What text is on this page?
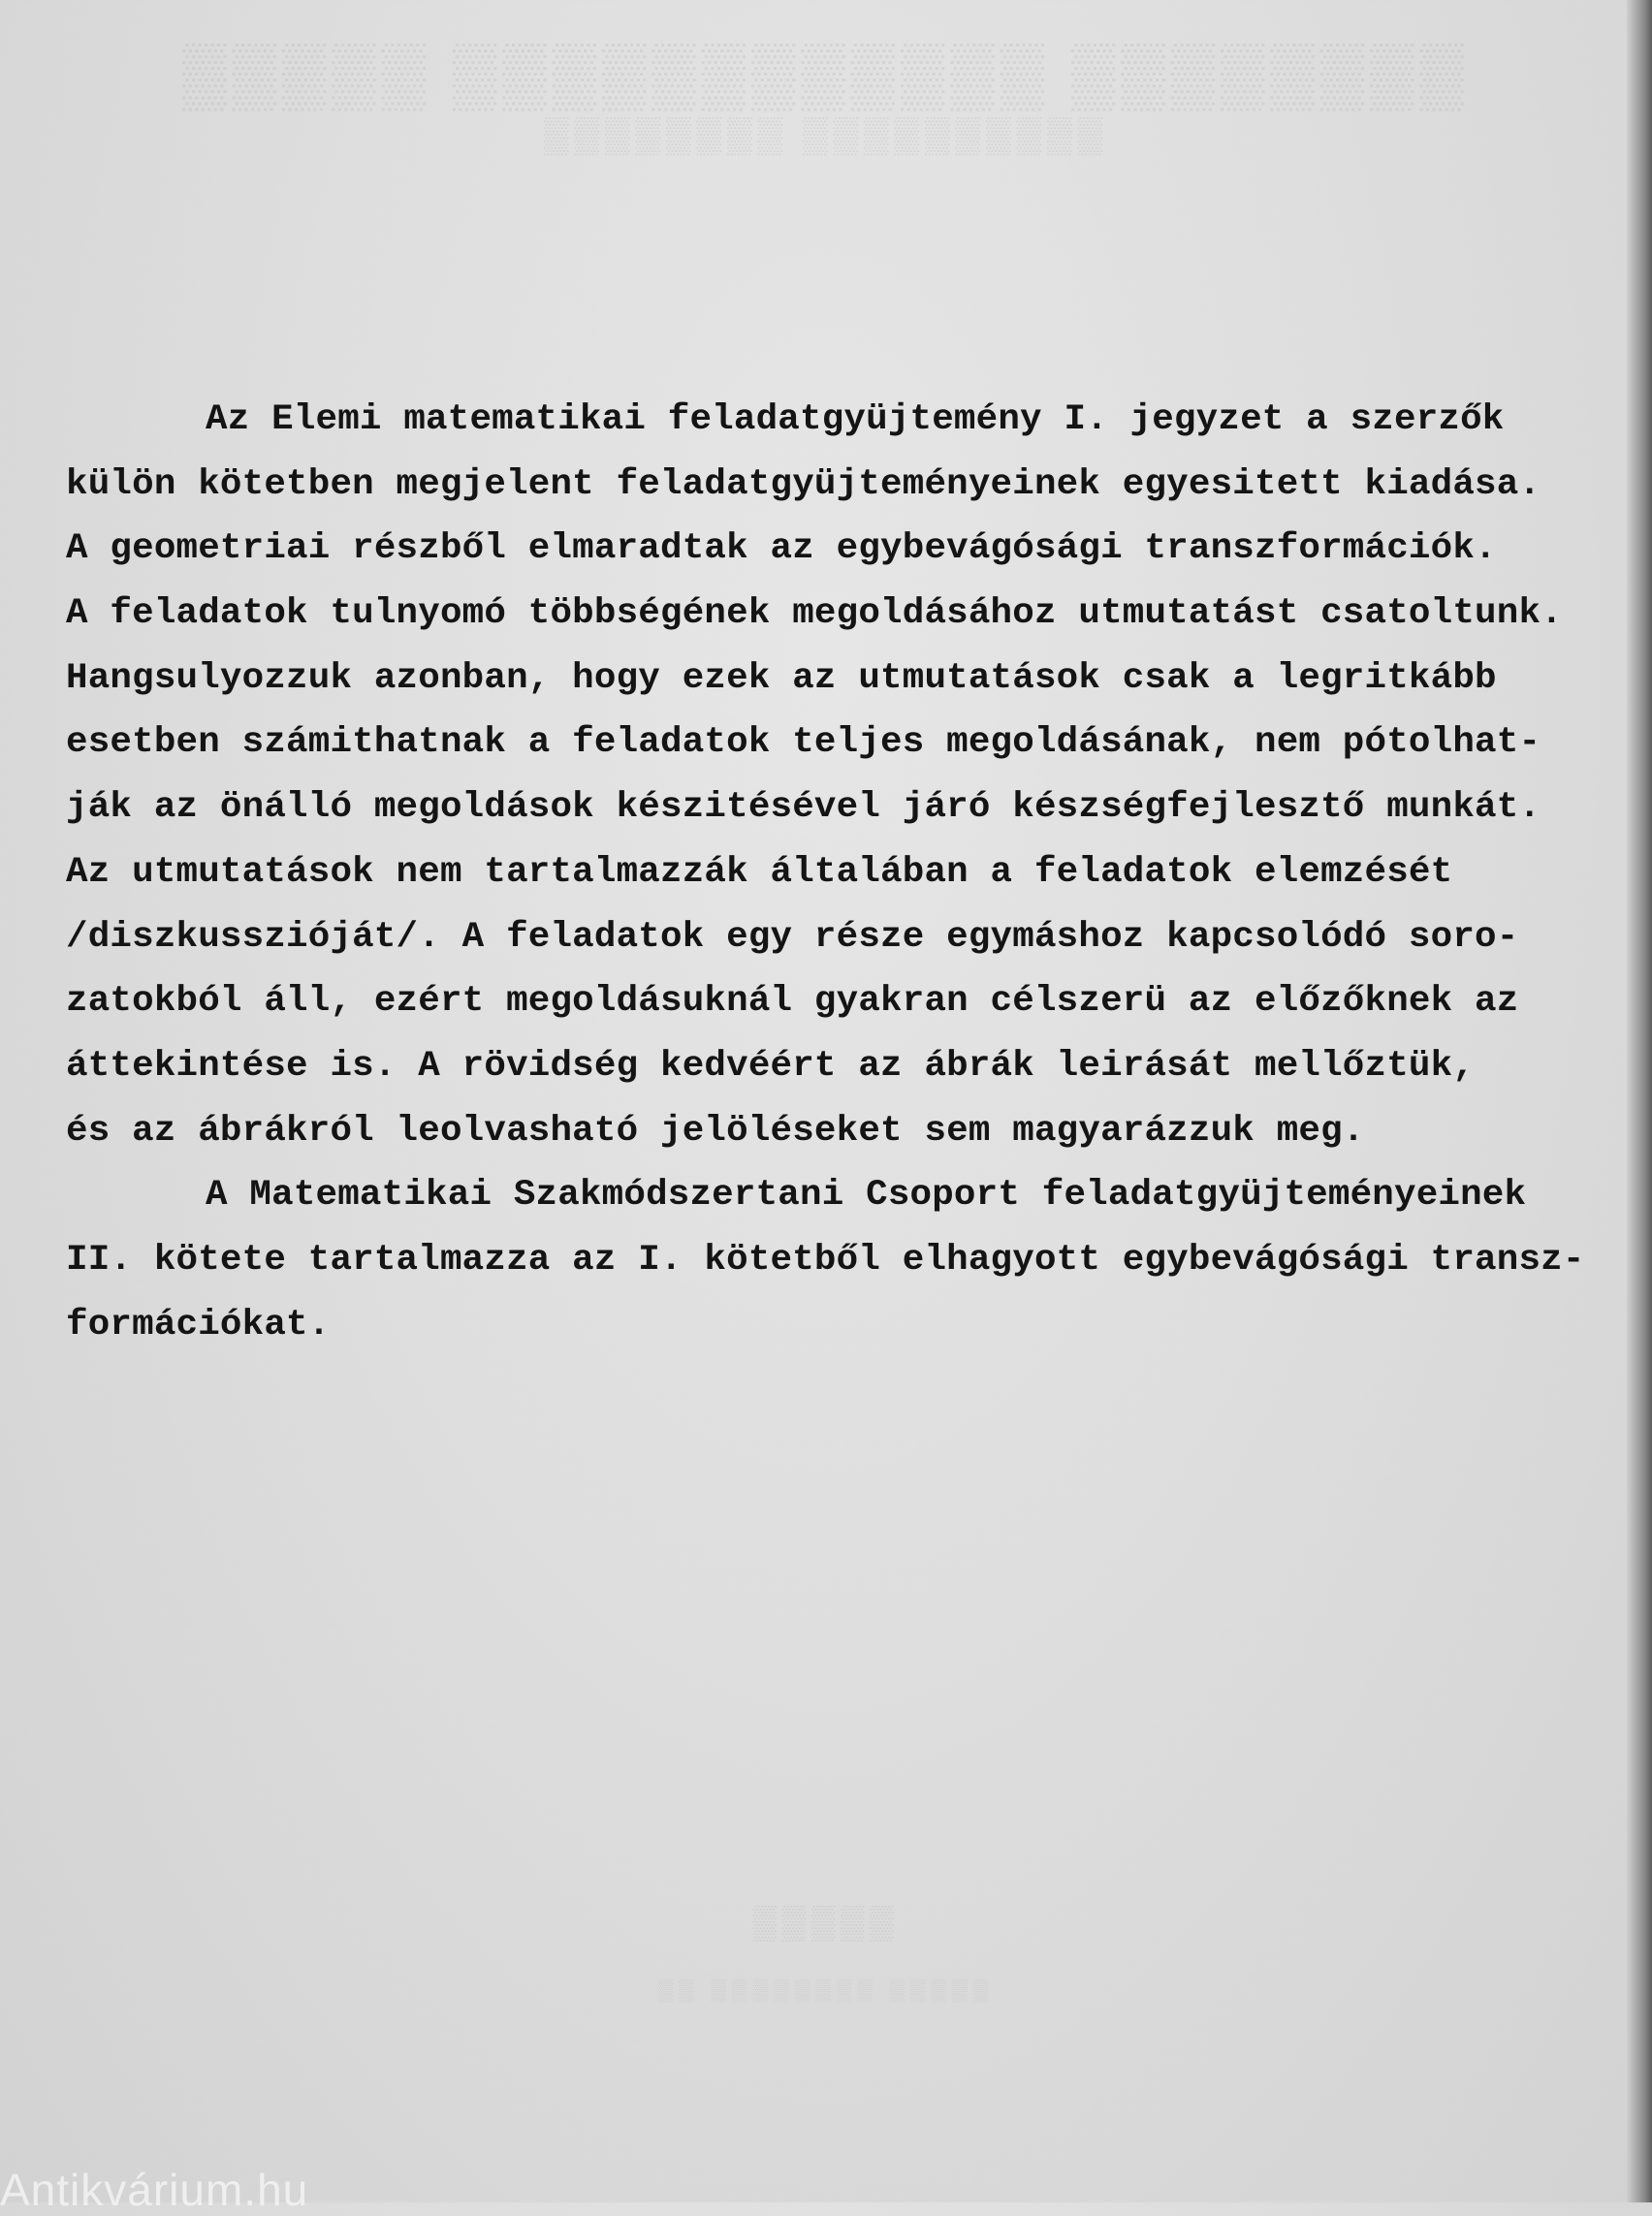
▒▒▒▒▒ ▒▒▒▒▒▒▒▒▒▒▒▒ ▒▒▒▒▒▒▒▒
▒▒▒▒▒▒▒▒ ▒▒▒▒▒▒▒▒▒▒
▒▒▒▒▒
▒▒ ▒▒▒▒▒▒▒▒ ▒▒▒▒▒
Az Elemi matematikai feladatgyüjtemény I. jegyzet a szerzők
külön kötetben megjelent feladatgyüjteményeinek egyesitett kiadása.
A geometriai részből elmaradtak az egybevágósági transzformációk.
A feladatok tulnyomó többségének megoldásához utmutatást csatoltunk.
Hangsulyozzuk azonban, hogy ezek az utmutatások csak a legritkább
esetben számithatnak a feladatok teljes megoldásának, nem pótolhat-
ják az önálló megoldások készitésével járó készségfejlesztő munkát.
Az utmutatások nem tartalmazzák általában a feladatok elemzését
/diszkusszióját/. A feladatok egy része egymáshoz kapcsolódó soro-
zatokból áll, ezért megoldásuknál gyakran célszerü az előzőknek az
áttekintése is. A rövidség kedvéért az ábrák leirását mellőztük,
és az ábrákról leolvasható jelöléseket sem magyarázzuk meg.
A Matematikai Szakmódszertani Csoport feladatgyüjteményeinek
II. kötete tartalmazza az I. kötetből elhagyott egybevágósági transz-
formációkat.
Antikvárium.hu
